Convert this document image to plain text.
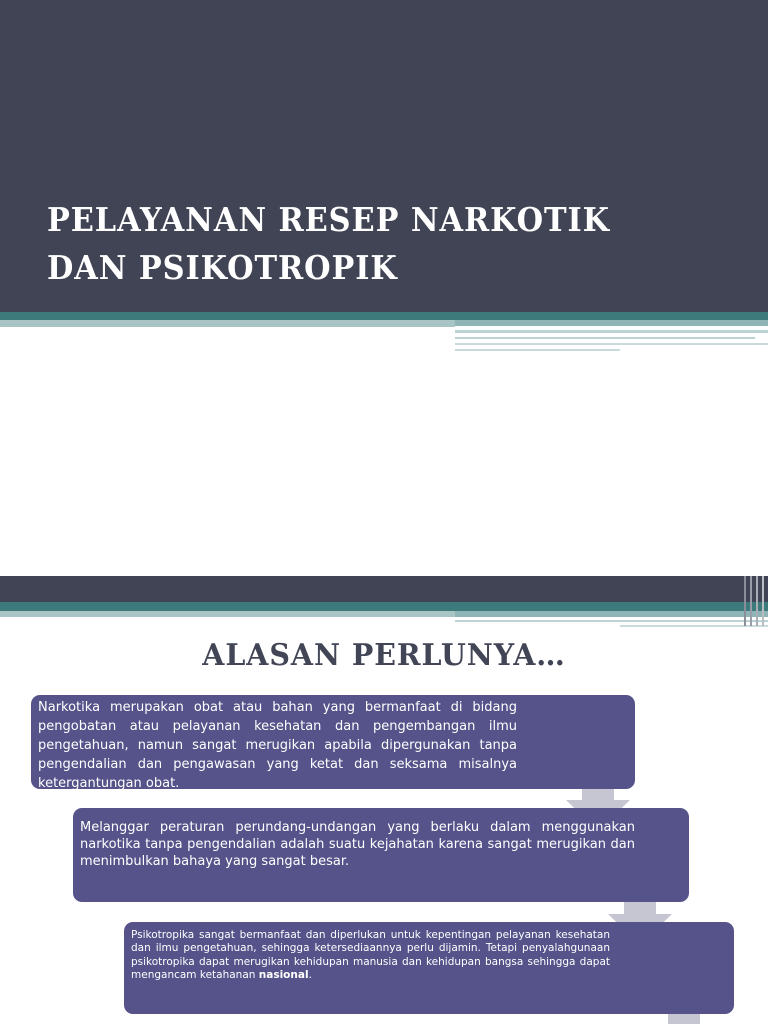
PELAYANAN RESEP NARKOTIK DAN PSIKOTROPIK
ALASAN PERLUNYA…

Narkotika merupakan obat atau bahan yang bermanfaat di bidang pengobatan atau pelayanan kesehatan dan pengembangan ilmu pengetahuan, namun sangat merugikan apabila dipergunakan tanpa pengendalian dan pengawasan yang ketat dan seksama misalnya ketergantungan obat.

Melanggar peraturan perundang-undangan yang berlaku dalam menggunakan narkotika tanpa pengendalian adalah suatu kejahatan karena sangat merugikan dan menimbulkan bahaya yang sangat besar.

Psikotropika sangat bermanfaat dan diperlukan untuk kepentingan pelayanan kesehatan dan ilmu pengetahuan, sehingga ketersediaannya perlu dijamin. Tetapi penyalahgunaan psikotropika dapat merugikan kehidupan manusia dan kehidupan bangsa sehingga dapat mengancam ketahanan nasional.
